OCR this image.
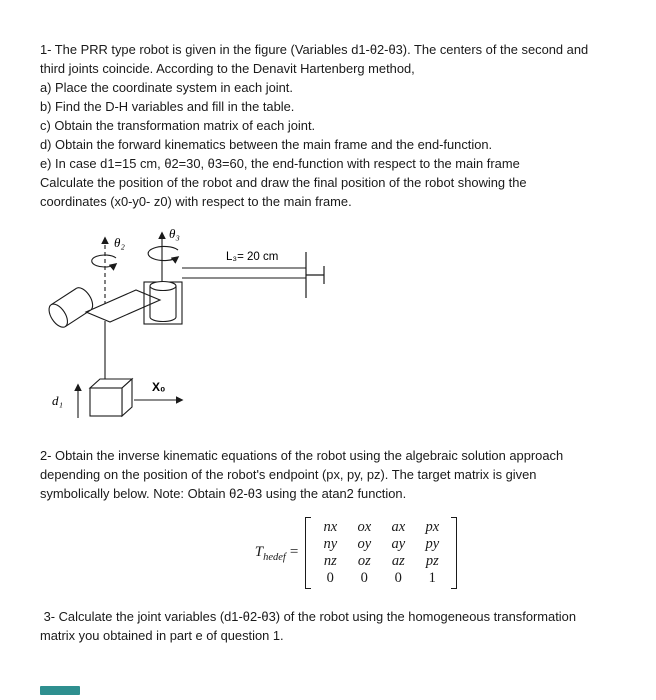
1- The PRR type robot is given in the figure (Variables d1-θ2-θ3). The centers of the second and
third joints coincide. According to the Denavit Hartenberg method,
a) Place the coordinate system in each joint.
b) Find the D-H variables and fill in the table.
c) Obtain the transformation matrix of each joint.
d) Obtain the forward kinematics between the main frame and the end-function.
e) In case d1=15 cm, θ2=30, θ3=60, the end-function with respect to the main frame
Calculate the position of the robot and draw the final position of the robot showing the
coordinates (x0-y0- z0) with respect to the main frame.
θ₂
θ₃
L₃= 20 cm
d₁
X₀
2- Obtain the inverse kinematic equations of the robot using the algebraic solution approach
depending on the position of the robot's endpoint (px, py, pz). The target matrix is given
symbolically below. Note: Obtain θ2-θ3 using the atan2 function.
$T_{hedef}$ =
nx ox ax px
ny oy ay py
nz oz az pz
0 0 0 1
3- Calculate the joint variables (d1-θ2-θ3) of the robot using the homogeneous transformation
matrix you obtained in part e of question 1.
